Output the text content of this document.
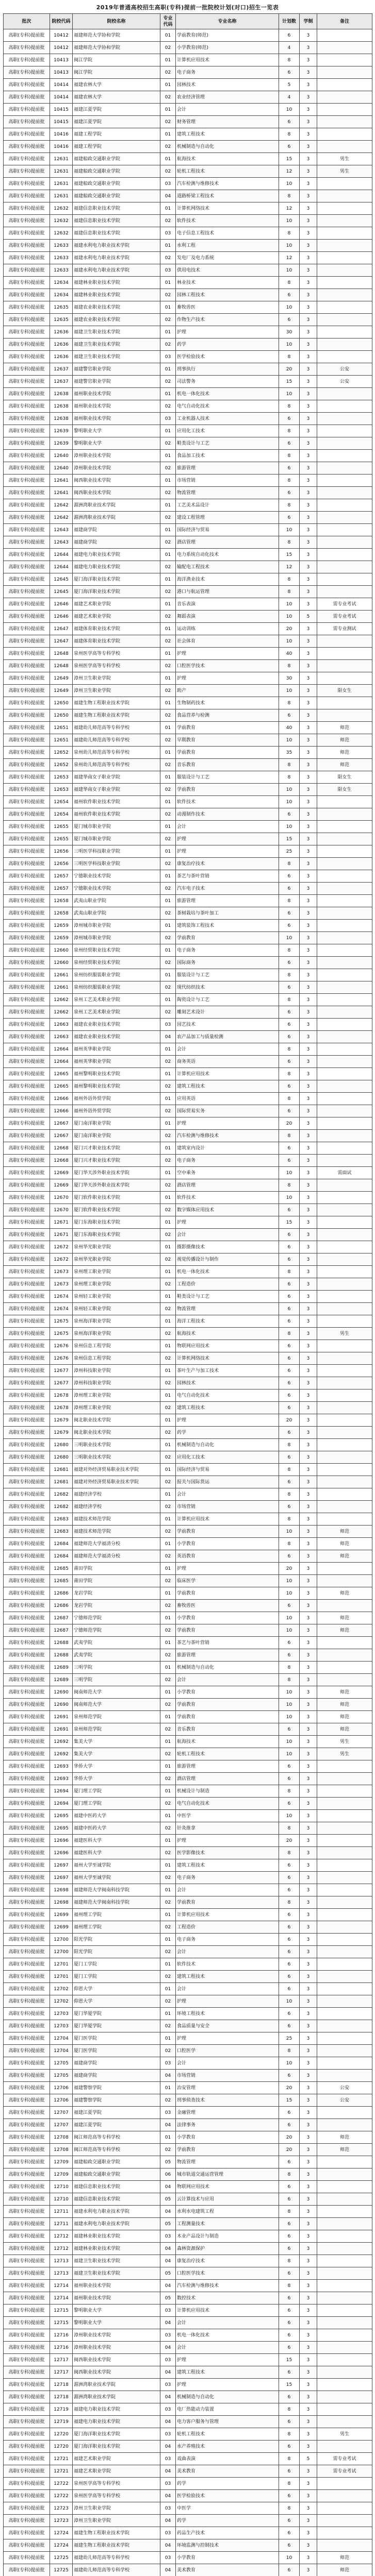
2019年普通高校招生高职(专科)提前一批院校计划(对口)招生一览表
批次	院校代码	院校名称	专业代码	专业名称	计划数	学制	备注
高职(专科)提前批	10412	福建师范大学协和学院	01	学前教育(师范)	6	3	
高职(专科)提前批	10412	福建师范大学协和学院	02	小学教育(师范)	4	3	
高职(专科)提前批	10413	闽江学院	01	计算机应用技术	8	3	
高职(专科)提前批	10413	闽江学院	02	电子商务	6	3	
高职(专科)提前批	10414	福建农林大学	01	园林技术	5	3	
高职(专科)提前批	10414	福建农林大学	02	农业经济管理	4	3	
高职(专科)提前批	10415	福建江夏学院	01	会计	10	3	
高职(专科)提前批	10415	福建江夏学院	02	财务管理	6	3	
高职(专科)提前批	10416	福建工程学院	01	建筑工程技术	8	3	
高职(专科)提前批	10416	福建工程学院	02	机械制造与自动化	6	3	
高职(专科)提前批	12631	福建船政交通职业学院	01	航海技术	15	3	男生
高职(专科)提前批	12631	福建船政交通职业学院	02	轮机工程技术	12	3	男生
高职(专科)提前批	12631	福建船政交通职业学院	03	汽车检测与维修技术	10	3	
高职(专科)提前批	12631	福建船政交通职业学院	04	道路桥梁工程技术	8	3	
高职(专科)提前批	12632	福建信息职业技术学院	01	计算机网络技术	12	3	
高职(专科)提前批	12632	福建信息职业技术学院	02	软件技术	10	3	
高职(专科)提前批	12632	福建信息职业技术学院	03	电子信息工程技术	8	3	
高职(专科)提前批	12633	福建水利电力职业技术学院	01	水利工程	10	3	
高职(专科)提前批	12633	福建水利电力职业技术学院	02	发电厂及电力系统	12	3	
高职(专科)提前批	12633	福建水利电力职业技术学院	03	供用电技术	10	3	
高职(专科)提前批	12634	福建林业职业技术学院	01	林业技术	8	3	
高职(专科)提前批	12634	福建林业职业技术学院	02	园林工程技术	6	3	
高职(专科)提前批	12635	福建农业职业技术学院	01	畜牧兽医	10	3	
高职(专科)提前批	12635	福建农业职业技术学院	02	作物生产技术	6	3	
高职(专科)提前批	12636	福建卫生职业技术学院	01	护理	30	3	
高职(专科)提前批	12636	福建卫生职业技术学院	02	药学	10	3	
高职(专科)提前批	12636	福建卫生职业技术学院	03	医学检验技术	8	3	
高职(专科)提前批	12637	福建警官职业学院	01	刑事执行	20	3	公安
高职(专科)提前批	12637	福建警官职业学院	02	司法警务	15	3	公安
高职(专科)提前批	12638	福州职业技术学院	01	机电一体化技术	10	3	
高职(专科)提前批	12638	福州职业技术学院	02	电气自动化技术	8	3	
高职(专科)提前批	12638	福州职业技术学院	03	工业机器人技术	6	3	
高职(专科)提前批	12639	黎明职业大学	01	应用化工技术	8	3	
高职(专科)提前批	12639	黎明职业大学	02	鞋类设计与工艺	6	3	
高职(专科)提前批	12640	漳州职业技术学院	01	食品加工技术	8	3	
高职(专科)提前批	12640	漳州职业技术学院	02	旅游管理	6	3	
高职(专科)提前批	12641	闽西职业技术学院	01	市场营销	8	3	
高职(专科)提前批	12641	闽西职业技术学院	02	物流管理	6	3	
高职(专科)提前批	12642	湄洲湾职业技术学院	01	工艺美术品设计	8	3	
高职(专科)提前批	12642	湄洲湾职业技术学院	02	建设工程管理	6	3	
高职(专科)提前批	12643	福建商学院	01	国际经济与贸易	10	3	
高职(专科)提前批	12643	福建商学院	02	酒店管理	8	3	
高职(专科)提前批	12644	福建电力职业技术学院	01	电力系统自动化技术	15	3	
高职(专科)提前批	12644	福建电力职业技术学院	02	输配电工程技术	12	3	
高职(专科)提前批	12645	厦门海洋职业技术学院	01	海洋渔业技术	8	3	
高职(专科)提前批	12645	厦门海洋职业技术学院	02	港口与航运管理	8	3	
高职(专科)提前批	12646	福建艺术职业学院	01	音乐表演	10	3	需专业考试
高职(专科)提前批	12646	福建艺术职业学院	02	舞蹈表演	10	5	需专业考试
高职(专科)提前批	12647	福建体育职业技术学院	01	运动训练	20	3	需专业测试
高职(专科)提前批	12647	福建体育职业技术学院	02	社会体育	10	3	
高职(专科)提前批	12648	泉州医学高等专科学校	01	护理	40	3	
高职(专科)提前批	12648	泉州医学高等专科学校	02	口腔医学技术	8	3	
高职(专科)提前批	12649	漳州卫生职业学院	01	护理	30	3	
高职(专科)提前批	12649	漳州卫生职业学院	02	助产	10	3	限女生
高职(专科)提前批	12650	福建生物工程职业技术学院	01	生物制药技术	8	3	
高职(专科)提前批	12650	福建生物工程职业技术学院	02	食品营养与检测	6	3	
高职(专科)提前批	12651	福建幼儿师范高等专科学校	01	学前教育	40	3	师范
高职(专科)提前批	12651	福建幼儿师范高等专科学校	02	早期教育	10	3	师范
高职(专科)提前批	12652	泉州幼儿师范高等专科学校	01	学前教育	35	3	师范
高职(专科)提前批	12652	泉州幼儿师范高等专科学校	02	音乐教育	8	3	师范
高职(专科)提前批	12653	福建华南女子职业学院	01	服装设计与工艺	8	3	限女生
高职(专科)提前批	12653	福建华南女子职业学院	02	学前教育	10	3	限女生
高职(专科)提前批	12654	福州软件职业技术学院	01	软件技术	10	3	
高职(专科)提前批	12654	福州软件职业技术学院	02	动漫制作技术	6	3	
高职(专科)提前批	12655	厦门城市职业学院	01	会计	10	3	
高职(专科)提前批	12655	厦门城市职业学院	02	护理	15	3	
高职(专科)提前批	12656	三明医学科技职业学院	01	护理	25	3	
高职(专科)提前批	12656	三明医学科技职业学院	02	康复治疗技术	8	3	
高职(专科)提前批	12657	宁德职业技术学院	01	茶艺与茶叶营销	6	3	
高职(专科)提前批	12657	宁德职业技术学院	02	汽车电子技术	6	3	
高职(专科)提前批	12658	武夷山职业学院	01	旅游管理	8	3	
高职(专科)提前批	12658	武夷山职业学院	02	茶树栽培与茶叶加工	6	3	
高职(专科)提前批	12659	漳州城市职业学院	01	建筑装饰工程技术	6	3	
高职(专科)提前批	12659	漳州城市职业学院	02	学前教育	10	3	
高职(专科)提前批	12660	泉州经贸职业技术学院	01	电子商务	8	3	
高职(专科)提前批	12660	泉州经贸职业技术学院	02	国际商务	6	3	
高职(专科)提前批	12661	泉州纺织服装职业学院	01	服装设计与工艺	8	3	
高职(专科)提前批	12661	泉州纺织服装职业学院	02	现代纺织技术	6	3	
高职(专科)提前批	12662	泉州工艺美术职业学院	01	陶瓷设计与工艺	8	3	
高职(专科)提前批	12662	泉州工艺美术职业学院	02	雕刻艺术设计	6	3	
高职(专科)提前批	12663	福建农业职业技术学院	03	园艺技术	6	3	
高职(专科)提前批	12663	福建农业职业技术学院	04	农产品加工与质量检测	6	3	
高职(专科)提前批	12664	福州英华职业学院	01	会计	8	3	
高职(专科)提前批	12664	福州英华职业学院	02	商务英语	6	3	
高职(专科)提前批	12665	福州黎明职业技术学院	01	计算机应用技术	8	3	
高职(专科)提前批	12665	福州黎明职业技术学院	02	建筑工程技术	6	3	
高职(专科)提前批	12666	福州外语外贸学院	01	应用英语	8	3	
高职(专科)提前批	12666	福州外语外贸学院	02	国际贸易实务	6	3	
高职(专科)提前批	12667	厦门南洋职业学院	01	护理	20	3	
高职(专科)提前批	12667	厦门南洋职业学院	02	汽车检测与维修技术	8	3	
高职(专科)提前批	12668	厦门兴才职业技术学院	01	建筑室内设计	6	3	
高职(专科)提前批	12668	厦门兴才职业技术学院	02	电子商务	6	3	
高职(专科)提前批	12669	厦门华天涉外职业技术学院	01	空中乘务	10	3	需面试
高职(专科)提前批	12669	厦门华天涉外职业技术学院	02	酒店管理	8	3	
高职(专科)提前批	12670	厦门软件职业技术学院	01	软件技术	10	3	
高职(专科)提前批	12670	厦门软件职业技术学院	02	数字媒体应用技术	6	3	
高职(专科)提前批	12671	厦门东海职业技术学院	01	护理	15	3	
高职(专科)提前批	12671	厦门东海职业技术学院	02	会计	6	3	
高职(专科)提前批	12672	泉州华光职业学院	01	摄影摄像技术	6	3	
高职(专科)提前批	12672	泉州华光职业学院	02	视觉传播设计与制作	6	3	
高职(专科)提前批	12673	泉州理工职业学院	01	机电一体化技术	8	3	
高职(专科)提前批	12673	泉州理工职业学院	02	工程造价	6	3	
高职(专科)提前批	12674	泉州轻工职业学院	01	鞋类设计与工艺	6	3	
高职(专科)提前批	12674	泉州轻工职业学院	02	物流管理	6	3	
高职(专科)提前批	12675	泉州海洋职业学院	01	海洋工程技术	6	3	
高职(专科)提前批	12675	泉州海洋职业学院	02	航海技术	8	3	男生
高职(专科)提前批	12676	泉州信息工程学院	01	物联网应用技术	6	3	
高职(专科)提前批	12676	泉州信息工程学院	02	计算机网络技术	6	3	
高职(专科)提前批	12677	漳州科技职业学院	01	茶叶生产与加工技术	6	3	
高职(专科)提前批	12677	漳州科技职业学院	02	园林技术	6	3	
高职(专科)提前批	12678	漳州理工职业学院	01	电气自动化技术	6	3	
高职(专科)提前批	12678	漳州理工职业学院	02	建筑工程技术	6	3	
高职(专科)提前批	12679	闽北职业技术学院	01	护理	20	3	
高职(专科)提前批	12679	闽北职业技术学院	02	药学	6	3	
高职(专科)提前批	12680	三明职业技术学院	01	机械制造与自动化	8	3	
高职(专科)提前批	12680	三明职业技术学院	02	应用化工技术	6	3	
高职(专科)提前批	12681	福建对外经济贸易职业技术学院	01	国际经济与贸易	8	3	
高职(专科)提前批	12681	福建对外经济贸易职业技术学院	02	报关与国际货运	6	3	
高职(专科)提前批	12682	福建经济学校	01	会计	8	3	
高职(专科)提前批	12682	福建经济学校	02	市场营销	6	3	
高职(专科)提前批	12683	福建技术师范学院	01	计算机应用技术	8	3	
高职(专科)提前批	12683	福建技术师范学院	02	学前教育	10	3	师范
高职(专科)提前批	12684	福建师范大学福清分校	01	小学教育	8	3	师范
高职(专科)提前批	12684	福建师范大学福清分校	02	英语教育	6	3	师范
高职(专科)提前批	12685	莆田学院	01	护理	20	3	
高职(专科)提前批	12685	莆田学院	02	临床医学	10	3	
高职(专科)提前批	12686	龙岩学院	01	学前教育	10	3	师范
高职(专科)提前批	12686	龙岩学院	02	畜牧兽医	6	3	
高职(专科)提前批	12687	宁德师范学院	01	小学教育	10	3	师范
高职(专科)提前批	12687	宁德师范学院	02	学前教育	10	3	师范
高职(专科)提前批	12688	武夷学院	01	茶艺与茶叶营销	6	3	
高职(专科)提前批	12688	武夷学院	02	旅游管理	6	3	
高职(专科)提前批	12689	三明学院	01	机械制造与自动化	8	3	
高职(专科)提前批	12689	三明学院	02	会计	8	3	
高职(专科)提前批	12690	闽南师范大学	01	小学教育	10	3	师范
高职(专科)提前批	12690	闽南师范大学	02	学前教育	10	3	师范
高职(专科)提前批	12691	泉州师范学院	01	学前教育	10	3	师范
高职(专科)提前批	12691	泉州师范学院	02	音乐教育	6	3	师范
高职(专科)提前批	12692	集美大学	01	航海技术	10	3	男生
高职(专科)提前批	12692	集美大学	02	轮机工程技术	10	3	男生
高职(专科)提前批	12693	华侨大学	01	旅游管理	6	3	
高职(专科)提前批	12693	华侨大学	02	酒店管理	6	3	
高职(专科)提前批	12694	厦门理工学院	01	机械设计与制造	8	3	
高职(专科)提前批	12694	厦门理工学院	02	电气自动化技术	6	3	
高职(专科)提前批	12695	福建中医药大学	01	中医学	10	3	
高职(专科)提前批	12695	福建中医药大学	02	针灸推拿	8	3	
高职(专科)提前批	12696	福建医科大学	01	护理	20	3	
高职(专科)提前批	12696	福建医科大学	02	医学影像技术	8	3	
高职(专科)提前批	12697	福州大学至诚学院	01	建筑工程技术	6	3	
高职(专科)提前批	12697	福州大学至诚学院	02	电子商务	6	3	
高职(专科)提前批	12698	福建师范大学闽南科技学院	01	会计	6	3	
高职(专科)提前批	12698	福建师范大学闽南科技学院	02	学前教育	8	3	
高职(专科)提前批	12699	福州理工学院	01	计算机应用技术	6	3	
高职(专科)提前批	12699	福州理工学院	02	工程造价	6	3	
高职(专科)提前批	12700	阳光学院	01	电子商务	6	3	
高职(专科)提前批	12700	阳光学院	02	会计	6	3	
高职(专科)提前批	12701	厦门工学院	01	软件技术	6	3	
高职(专科)提前批	12701	厦门工学院	02	建筑工程技术	6	3	
高职(专科)提前批	12702	仰恩大学	01	会计	6	3	
高职(专科)提前批	12702	仰恩大学	02	护理	10	3	
高职(专科)提前批	12703	厦门华厦学院	01	环境工程技术	6	3	
高职(专科)提前批	12703	厦门华厦学院	02	食品质量与安全	6	3	
高职(专科)提前批	12704	厦门医学院	01	护理	25	3	
高职(专科)提前批	12704	厦门医学院	02	口腔医学	8	3	
高职(专科)提前批	12705	福建商学院	03	会计	10	3	
高职(专科)提前批	12705	福建商学院	04	市场营销	6	3	
高职(专科)提前批	12706	福建警察学院	01	治安管理	20	3	公安
高职(专科)提前批	12706	福建警察学院	02	刑事侦查技术	15	3	公安
高职(专科)提前批	12707	福建江夏学院	03	金融管理	6	3	
高职(专科)提前批	12707	福建江夏学院	04	法律事务	6	3	
高职(专科)提前批	12708	闽江师范高等专科学校	01	小学教育	20	3	师范
高职(专科)提前批	12708	闽江师范高等专科学校	02	学前教育	20	3	师范
高职(专科)提前批	12709	福建船政交通职业学院	05	物流管理	6	3	
高职(专科)提前批	12709	福建船政交通职业学院	06	城市轨道交通运营管理	8	3	
高职(专科)提前批	12710	福建信息职业技术学院	04	物联网应用技术	6	3	
高职(专科)提前批	12710	福建信息职业技术学院	05	云计算技术与应用	6	3	
高职(专科)提前批	12711	福建水利电力职业技术学院	04	水利水电建筑工程	8	3	
高职(专科)提前批	12711	福建水利电力职业技术学院	05	工程测量技术	6	3	
高职(专科)提前批	12712	福建林业职业技术学院	03	木业产品设计与制造	6	3	
高职(专科)提前批	12712	福建林业职业技术学院	04	森林资源保护	6	3	
高职(专科)提前批	12713	福建卫生职业技术学院	04	康复治疗技术	8	3	
高职(专科)提前批	12713	福建卫生职业技术学院	05	口腔医学技术	6	3	
高职(专科)提前批	12714	福州职业技术学院	04	汽车检测与维修技术	8	3	
高职(专科)提前批	12714	福州职业技术学院	05	数控技术	6	3	
高职(专科)提前批	12715	黎明职业大学	03	计算机应用技术	6	3	
高职(专科)提前批	12715	黎明职业大学	04	会计	6	3	
高职(专科)提前批	12716	漳州职业技术学院	03	机电一体化技术	6	3	
高职(专科)提前批	12716	漳州职业技术学院	04	会计	6	3	
高职(专科)提前批	12717	闽西职业技术学院	03	护理	15	3	
高职(专科)提前批	12717	闽西职业技术学院	04	建筑工程技术	6	3	
高职(专科)提前批	12718	湄洲湾职业技术学院	03	护理	15	3	
高职(专科)提前批	12718	湄洲湾职业技术学院	04	机械制造与自动化	6	3	
高职(专科)提前批	12719	福建电力职业技术学院	03	电厂热能动力装置	8	3	
高职(专科)提前批	12719	福建电力职业技术学院	04	电力客户服务与管理	6	3	
高职(专科)提前批	12720	厦门海洋职业技术学院	03	轮机工程技术	8	3	男生
高职(专科)提前批	12720	厦门海洋职业技术学院	04	水产养殖技术	6	3	
高职(专科)提前批	12721	福建艺术职业学院	03	戏曲表演	8	5	需专业考试
高职(专科)提前批	12721	福建艺术职业学院	04	美术教育	6	3	需专业考试
高职(专科)提前批	12722	泉州医学高等专科学校	03	药学	8	3	
高职(专科)提前批	12722	泉州医学高等专科学校	04	医学检验技术	6	3	
高职(专科)提前批	12723	漳州卫生职业学院	03	中医学	8	3	
高职(专科)提前批	12723	漳州卫生职业学院	04	药学	6	3	
高职(专科)提前批	12724	福建生物工程职业技术学院	03	药品生产技术	6	3	
高职(专科)提前批	12724	福建生物工程职业技术学院	04	环境监测与控制技术	6	3	
高职(专科)提前批	12725	福建幼儿师范高等专科学校	03	小学教育	10	3	师范
高职(专科)提前批	12725	福建幼儿师范高等专科学校	04	美术教育	6	3	师范
